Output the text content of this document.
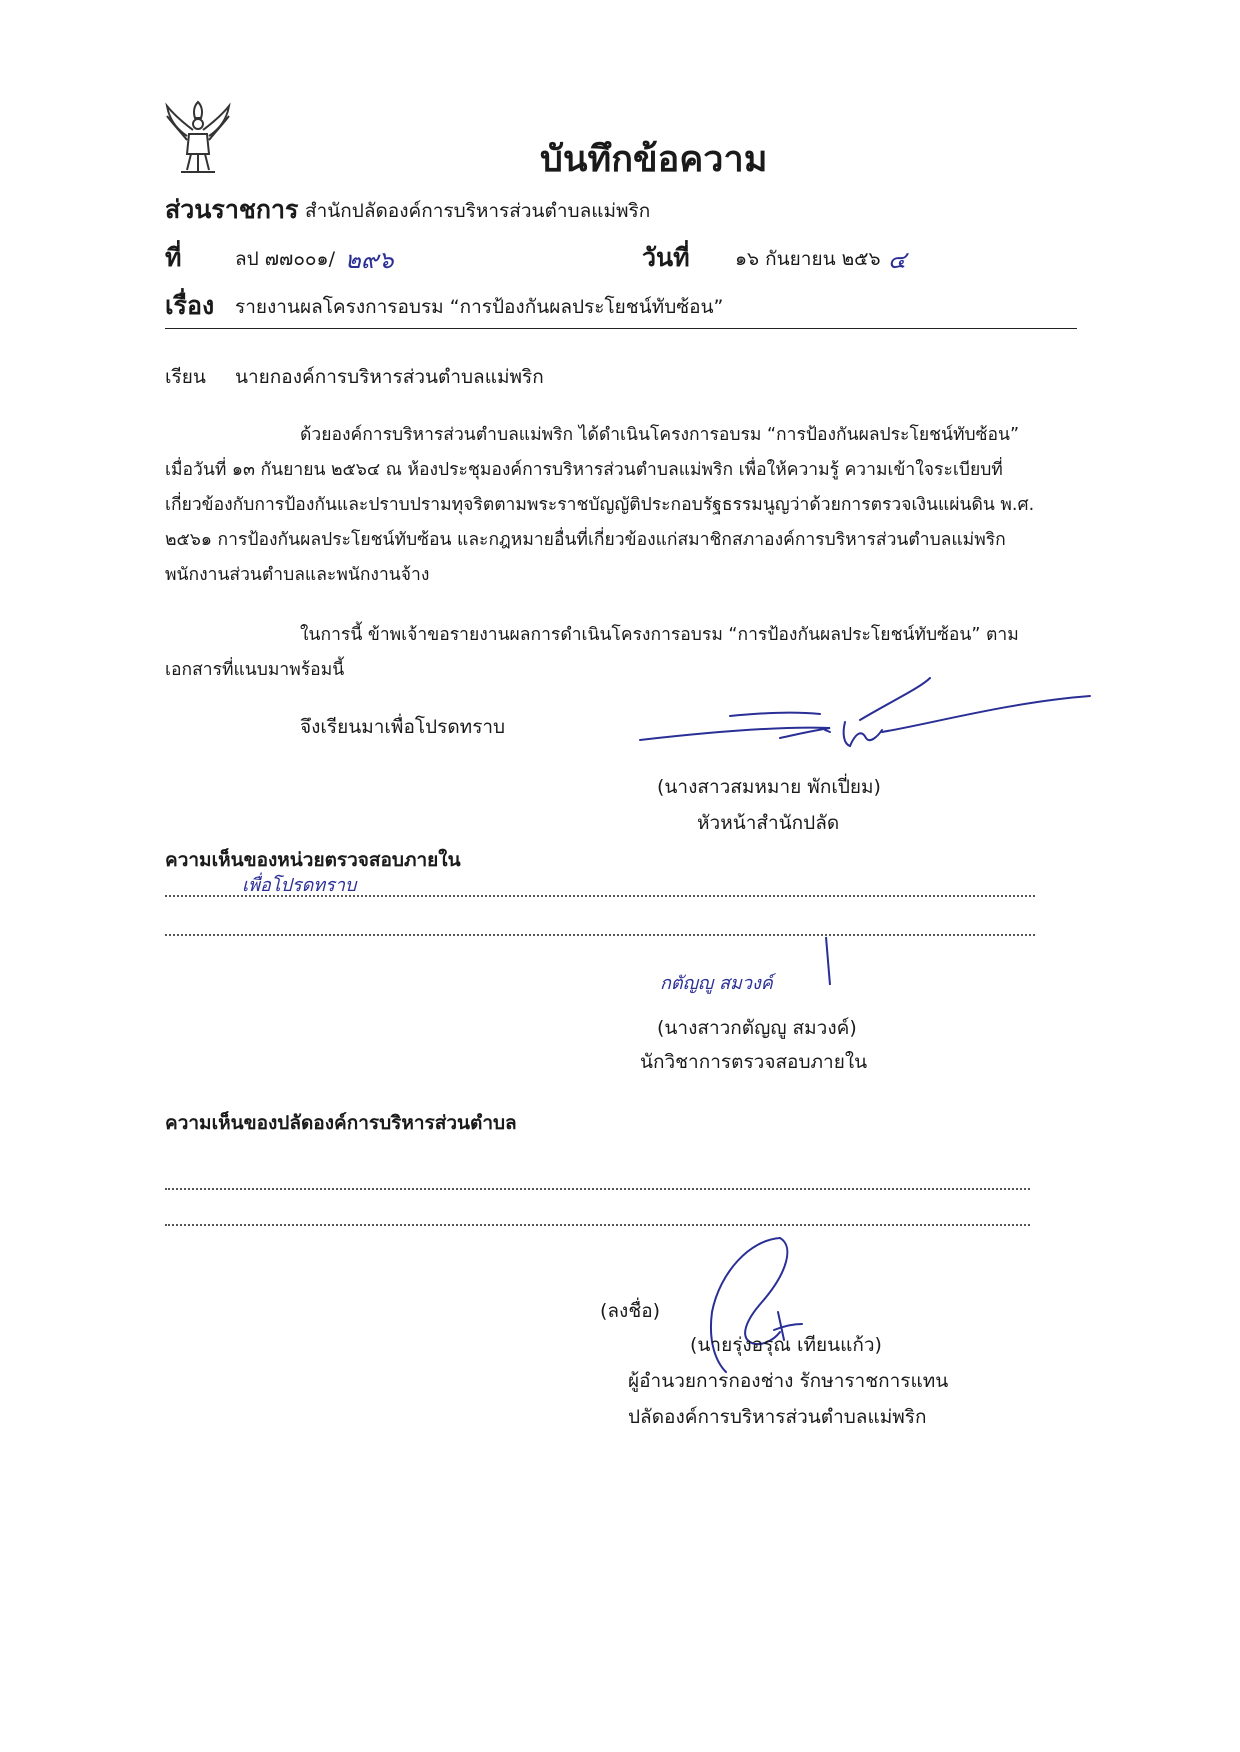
บันทึกข้อความ
ส่วนราชการ สำนักปลัดองค์การบริหารส่วนตำบลแม่พริก
ที่	ลป ๗๗๐๐๑/ ๒๙๖	วันที่ ๑๖ กันยายน ๒๕๖ ๔
เรื่อง รายงานผลโครงการอบรม “การป้องกันผลประโยชน์ทับซ้อน”
เรียน นายกองค์การบริหารส่วนตำบลแม่พริก
ด้วยองค์การบริหารส่วนตำบลแม่พริก ได้ดำเนินโครงการอบรม “การป้องกันผลประโยชน์ทับซ้อน”
เมื่อวันที่ ๑๓ กันยายน ๒๕๖๔ ณ ห้องประชุมองค์การบริหารส่วนตำบลแม่พริก เพื่อให้ความรู้ ความเข้าใจระเบียบที่
เกี่ยวข้องกับการป้องกันและปราบปรามทุจริตตามพระราชบัญญัติประกอบรัฐธรรมนูญว่าด้วยการตรวจเงินแผ่นดิน พ.ศ.
๒๕๖๑ การป้องกันผลประโยชน์ทับซ้อน และกฎหมายอื่นที่เกี่ยวข้องแก่สมาชิกสภาองค์การบริหารส่วนตำบลแม่พริก
พนักงานส่วนตำบลและพนักงานจ้าง
ในการนี้ ข้าพเจ้าขอรายงานผลการดำเนินโครงการอบรม “การป้องกันผลประโยชน์ทับซ้อน” ตาม
เอกสารที่แนบมาพร้อมนี้
จึงเรียนมาเพื่อโปรดทราบ
(นางสาวสมหมาย พักเปี่ยม)
หัวหน้าสำนักปลัด
ความเห็นของหน่วยตรวจสอบภายใน
เพื่อโปรดทราบ
กตัญญู สมวงค์
(นางสาวกตัญญู สมวงค์)
นักวิชาการตรวจสอบภายใน
ความเห็นของปลัดองค์การบริหารส่วนตำบล
(ลงชื่อ)
(นายรุ่งอรุณ เทียนแก้ว)
ผู้อำนวยการกองช่าง รักษาราชการแทน
ปลัดองค์การบริหารส่วนตำบลแม่พริก
